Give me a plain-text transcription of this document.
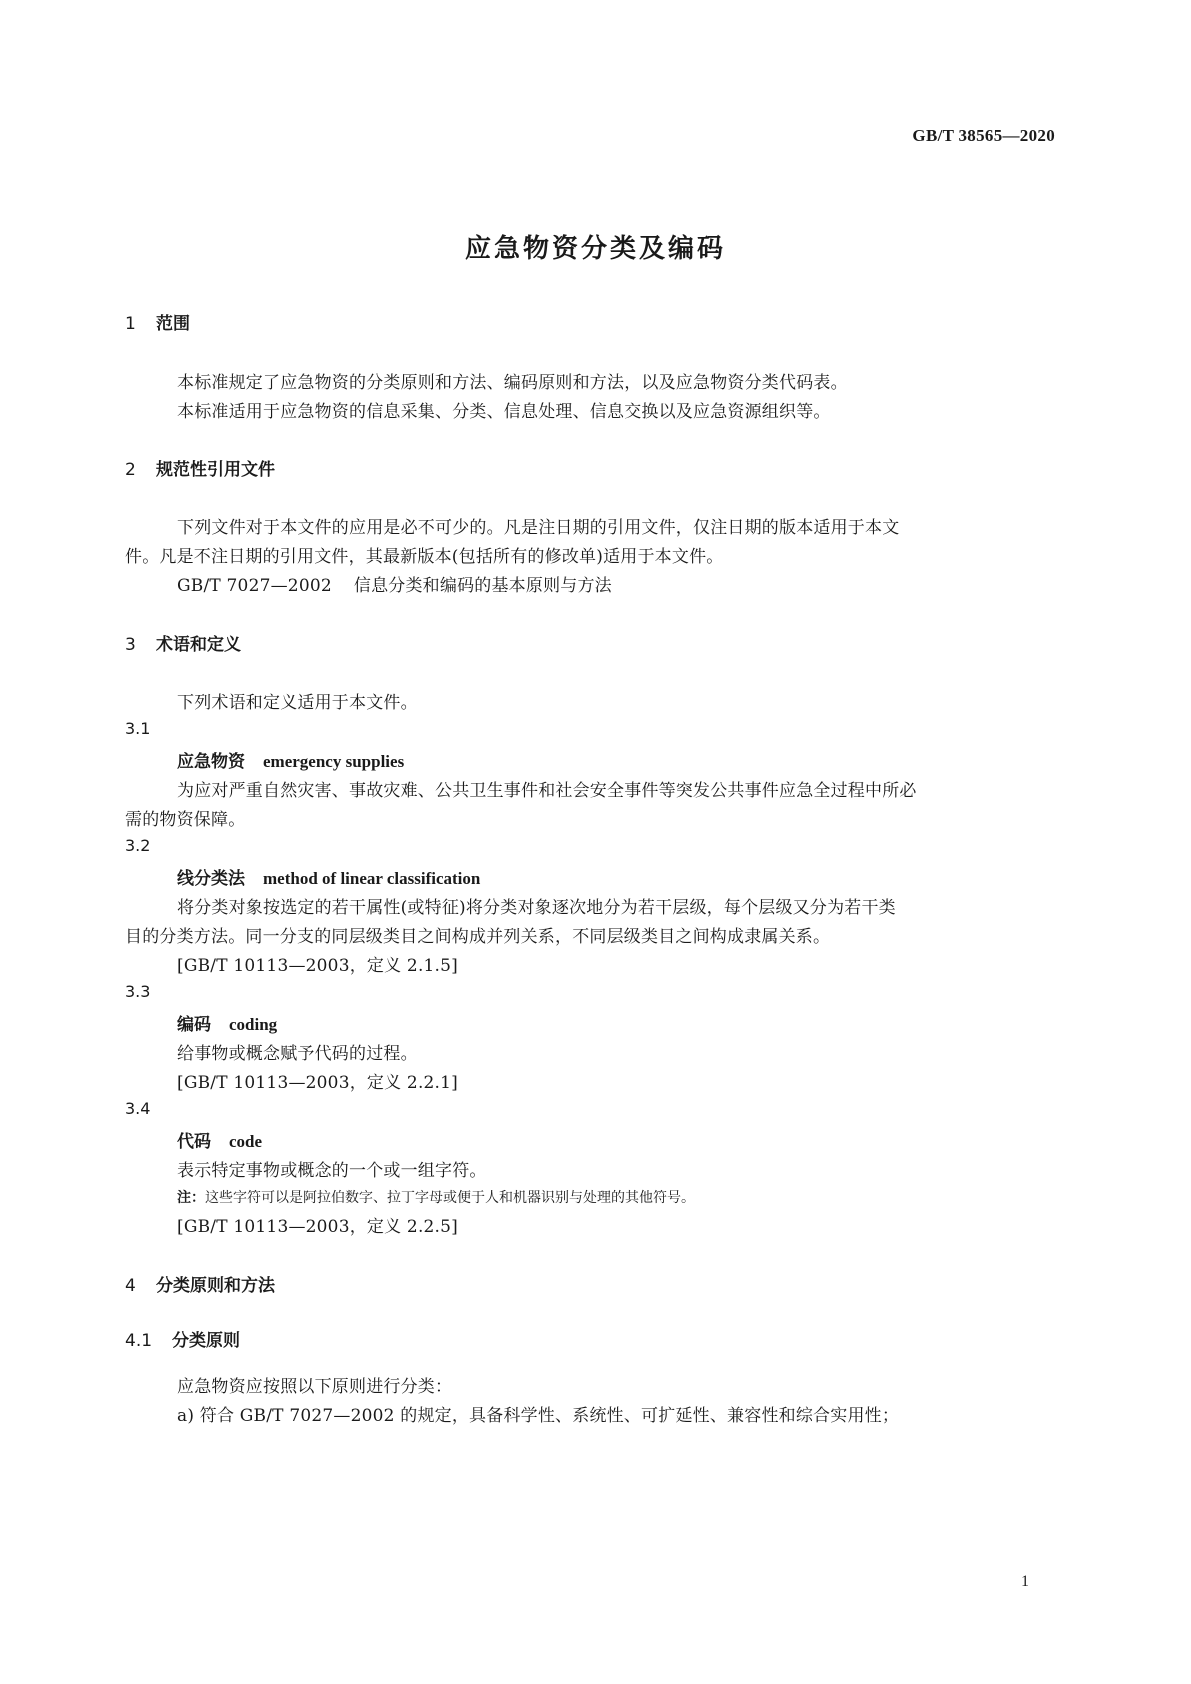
GB/T 38565—2020
应急物资分类及编码
1 范围
本标准规定了应急物资的分类原则和方法、编码原则和方法，以及应急物资分类代码表。
本标准适用于应急物资的信息采集、分类、信息处理、信息交换以及应急资源组织等。
2 规范性引用文件
下列文件对于本文件的应用是必不可少的。凡是注日期的引用文件，仅注日期的版本适用于本文
件。凡是不注日期的引用文件，其最新版本(包括所有的修改单)适用于本文件。
GB/T 7027—2002 信息分类和编码的基本原则与方法
3 术语和定义
下列术语和定义适用于本文件。
3.1
应急物资 emergency supplies
为应对严重自然灾害、事故灾难、公共卫生事件和社会安全事件等突发公共事件应急全过程中所必
需的物资保障。
3.2
线分类法 method of linear classification
将分类对象按选定的若干属性(或特征)将分类对象逐次地分为若干层级，每个层级又分为若干类
目的分类方法。同一分支的同层级类目之间构成并列关系，不同层级类目之间构成隶属关系。
[GB/T 10113—2003，定义 2.1.5]
3.3
编码 coding
给事物或概念赋予代码的过程。
[GB/T 10113—2003，定义 2.2.1]
3.4
代码 code
表示特定事物或概念的一个或一组字符。
注：这些字符可以是阿拉伯数字、拉丁字母或便于人和机器识别与处理的其他符号。
[GB/T 10113—2003，定义 2.2.5]
4 分类原则和方法
4.1 分类原则
应急物资应按照以下原则进行分类：
a) 符合 GB/T 7027—2002 的规定，具备科学性、系统性、可扩延性、兼容性和综合实用性；
1
